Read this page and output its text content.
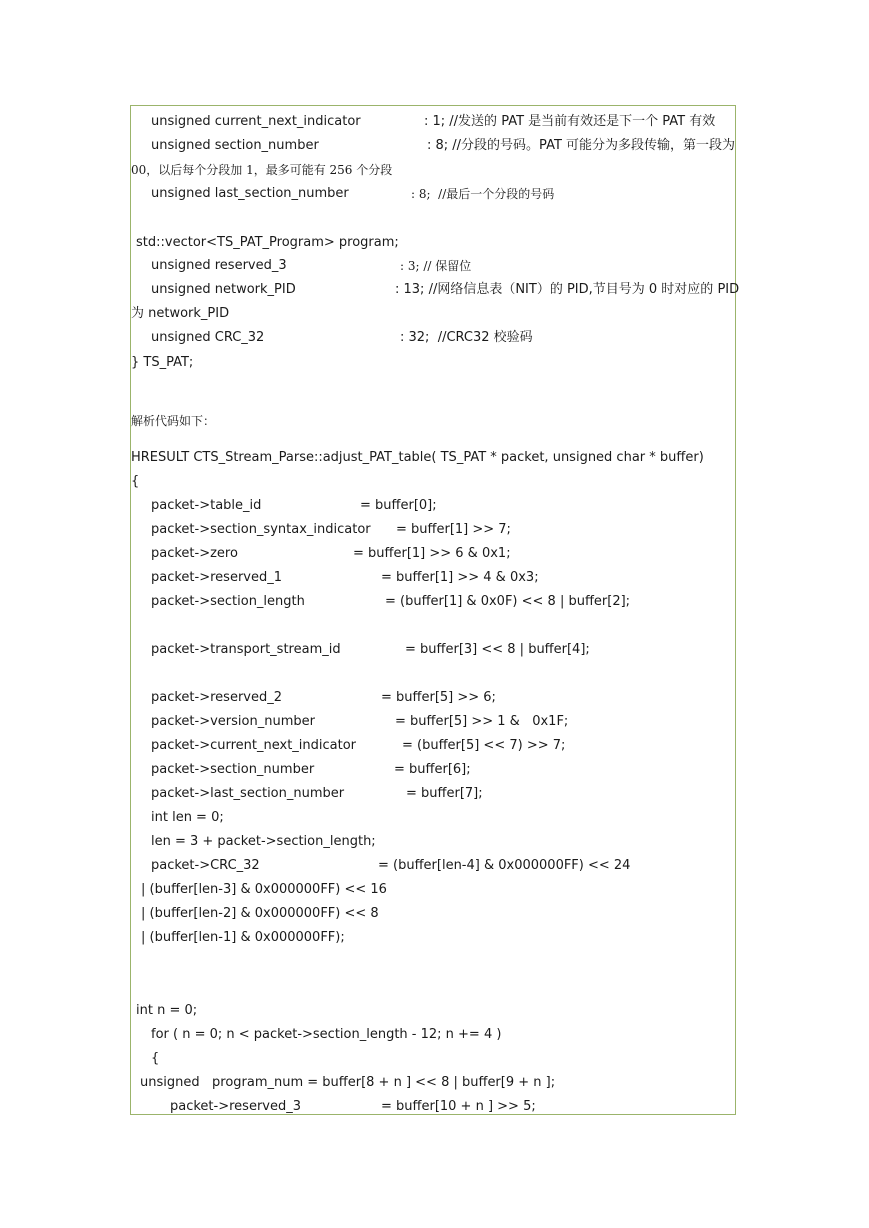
unsigned current_next_indicator	: 1; //发送的 PAT 是当前有效还是下一个 PAT 有效
unsigned section_number	: 8; //分段的号码。PAT 可能分为多段传输，第一段为
00，以后每个分段加 1，最多可能有 256 个分段
unsigned last_section_number	: 8;  //最后一个分段的号码
std::vector<TS_PAT_Program> program;
unsigned reserved_3	: 3; // 保留位
unsigned network_PID	: 13; //网络信息表（NIT）的 PID,节目号为 0 时对应的 PID
为 network_PID
unsigned CRC_32	: 32;  //CRC32 校验码
} TS_PAT;
解析代码如下：
HRESULT CTS_Stream_Parse::adjust_PAT_table( TS_PAT * packet, unsigned char * buffer)
{
packet->table_id	= buffer[0];
packet->section_syntax_indicator = buffer[1] >> 7;
packet->zero	= buffer[1] >> 6 & 0x1;
packet->reserved_1	= buffer[1] >> 4 & 0x3;
packet->section_length	= (buffer[1] & 0x0F) << 8 | buffer[2];
packet->transport_stream_id	= buffer[3] << 8 | buffer[4];
packet->reserved_2	= buffer[5] >> 6;
packet->version_number	= buffer[5] >> 1 &   0x1F;
packet->current_next_indicator	= (buffer[5] << 7) >> 7;
packet->section_number	= buffer[6];
packet->last_section_number	= buffer[7];
int len = 0;
len = 3 + packet->section_length;
packet->CRC_32	= (buffer[len-4] & 0x000000FF) << 24
| (buffer[len-3] & 0x000000FF) << 16
| (buffer[len-2] & 0x000000FF) << 8
| (buffer[len-1] & 0x000000FF);
int n = 0;
for ( n = 0; n < packet->section_length - 12; n += 4 )
{
unsigned   program_num = buffer[8 + n ] << 8 | buffer[9 + n ];
packet->reserved_3	= buffer[10 + n ] >> 5;
